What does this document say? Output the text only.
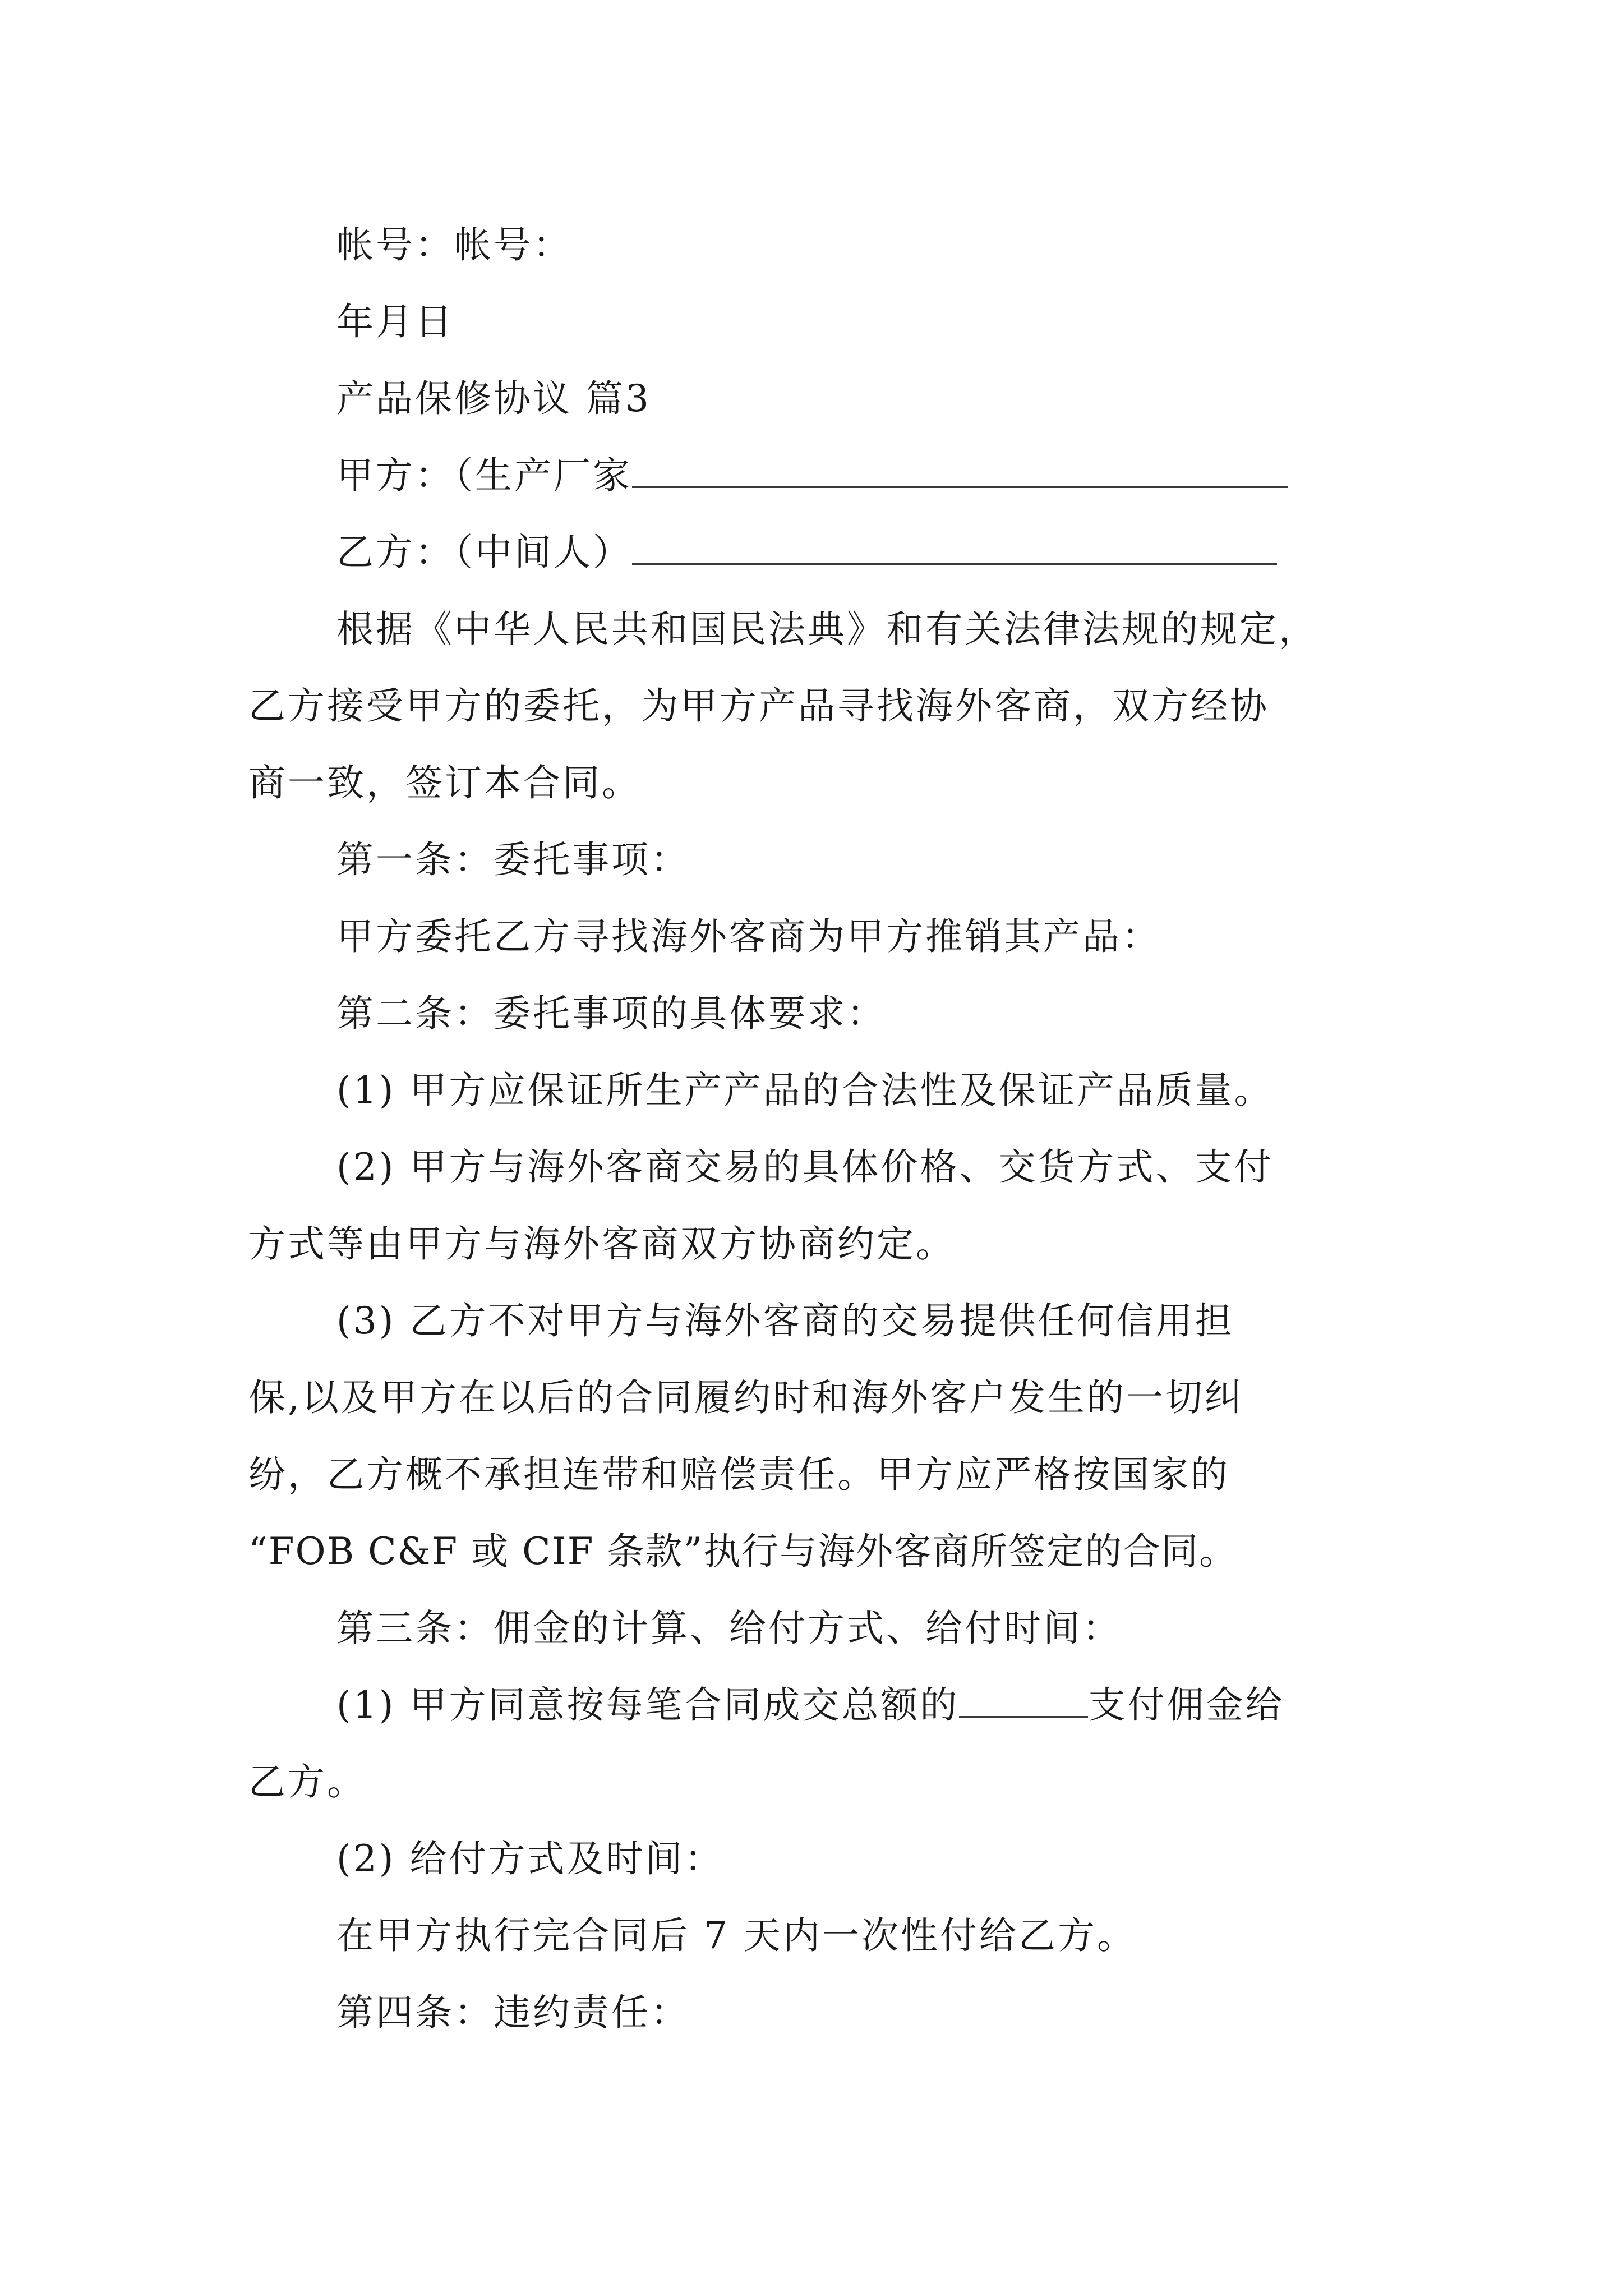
帐号：帐号：
年月日
产品保修协议 篇3
甲方：（生产厂家
乙方：（中间人）
根据《中华人民共和国民法典》和有关法律法规的规定，
乙方接受甲方的委托，为甲方产品寻找海外客商，双方经协
商一致，签订本合同。
第一条：委托事项：
甲方委托乙方寻找海外客商为甲方推销其产品：
第二条：委托事项的具体要求：
(1) 甲方应保证所生产产品的合法性及保证产品质量。
(2) 甲方与海外客商交易的具体价格、交货方式、支付
方式等由甲方与海外客商双方协商约定。
(3) 乙方不对甲方与海外客商的交易提供任何信用担
保,以及甲方在以后的合同履约时和海外客户发生的一切纠
纷，乙方概不承担连带和赔偿责任。甲方应严格按国家的
“FOB C&F 或 CIF 条款”执行与海外客商所签定的合同。
第三条：佣金的计算、给付方式、给付时间：
(1) 甲方同意按每笔合同成交总额的	支付佣金给
乙方。
(2) 给付方式及时间：
在甲方执行完合同后 7 天内一次性付给乙方。
第四条：违约责任：
